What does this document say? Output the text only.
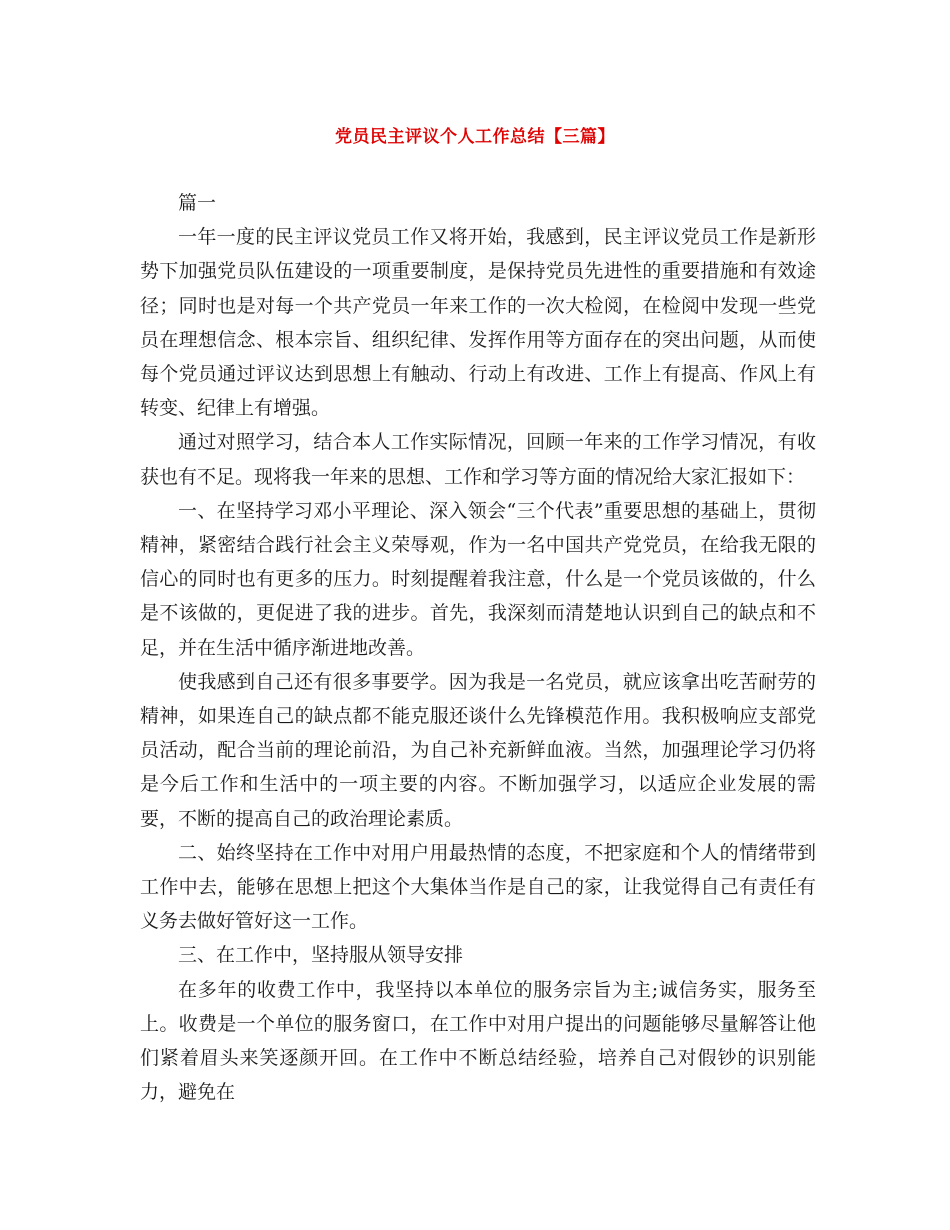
党员民主评议个人工作总结【三篇】

篇一

一年一度的民主评议党员工作又将开始，我感到，民主评议党员工作是新形势下加强党员队伍建设的一项重要制度，是保持党员先进性的重要措施和有效途径；同时也是对每一个共产党员一年来工作的一次大检阅，在检阅中发现一些党员在理想信念、根本宗旨、组织纪律、发挥作用等方面存在的突出问题，从而使每个党员通过评议达到思想上有触动、行动上有改进、工作上有提高、作风上有转变、纪律上有增强。

通过对照学习，结合本人工作实际情况，回顾一年来的工作学习情况，有收获也有不足。现将我一年来的思想、工作和学习等方面的情况给大家汇报如下：

一、在坚持学习邓小平理论、深入领会“三个代表”重要思想的基础上，贯彻精神，紧密结合践行社会主义荣辱观，作为一名中国共产党党员，在给我无限的信心的同时也有更多的压力。时刻提醒着我注意，什么是一个党员该做的，什么是不该做的，更促进了我的进步。首先，我深刻而清楚地认识到自己的缺点和不足，并在生活中循序渐进地改善。

使我感到自己还有很多事要学。因为我是一名党员，就应该拿出吃苦耐劳的精神，如果连自己的缺点都不能克服还谈什么先锋模范作用。我积极响应支部党员活动，配合当前的理论前沿，为自己补充新鲜血液。当然，加强理论学习仍将是今后工作和生活中的一项主要的内容。不断加强学习，以适应企业发展的需要，不断的提高自己的政治理论素质。

二、始终坚持在工作中对用户用最热情的态度，不把家庭和个人的情绪带到工作中去，能够在思想上把这个大集体当作是自己的家，让我觉得自己有责任有义务去做好管好这一工作。

三、在工作中，坚持服从领导安排

在多年的收费工作中，我坚持以本单位的服务宗旨为主;诚信务实，服务至上。收费是一个单位的服务窗口，在工作中对用户提出的问题能够尽量解答让他们紧着眉头来笑逐颜开回。在工作中不断总结经验，培养自己对假钞的识别能力，避免在
